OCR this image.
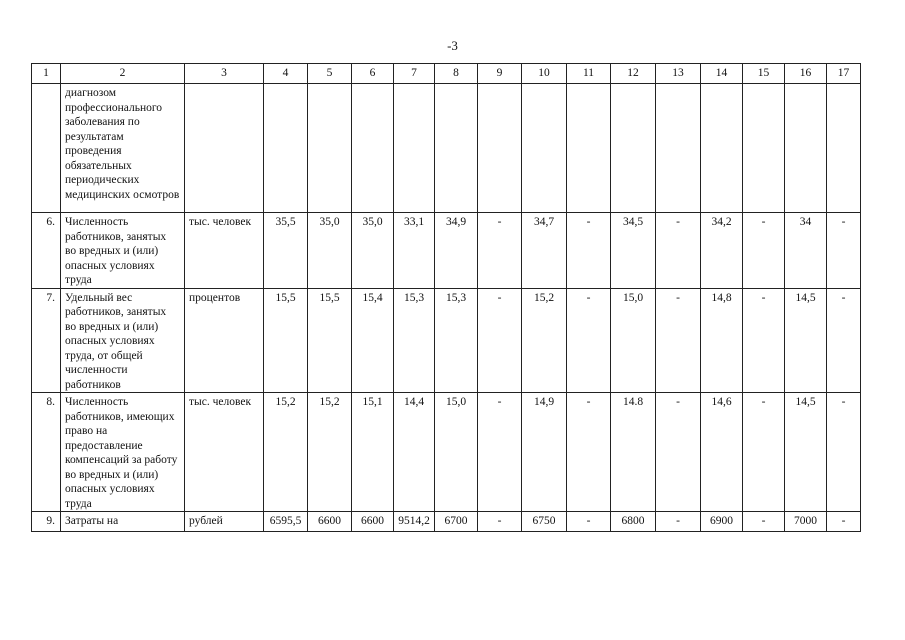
-3
1	2	3	4	5	6	7	8	9	10	11	12	13	14	15	16	17
	диагнозом профессионального заболевания по результатам проведения обязательных периодических медицинских осмотров															
6.	Численность работников, занятых во вредных и (или) опасных условиях труда	тыс. человек	35,5	35,0	35,0	33,1	34,9	-	34,7	-	34,5	-	34,2	-	34	-
7.	Удельный вес работников, занятых во вредных и (или) опасных условиях труда, от общей численности работников	процентов	15,5	15,5	15,4	15,3	15,3	-	15,2	-	15,0	-	14,8	-	14,5	-
8.	Численность работников, имеющих право на предоставление компенсаций за работу во вредных и (или) опасных условиях труда	тыс. человек	15,2	15,2	15,1	14,4	15,0	-	14,9	-	14.8	-	14,6	-	14,5	-
9.	Затраты на	рублей	6595,5	6600	6600	9514,2	6700	-	6750	-	6800	-	6900	-	7000	-
